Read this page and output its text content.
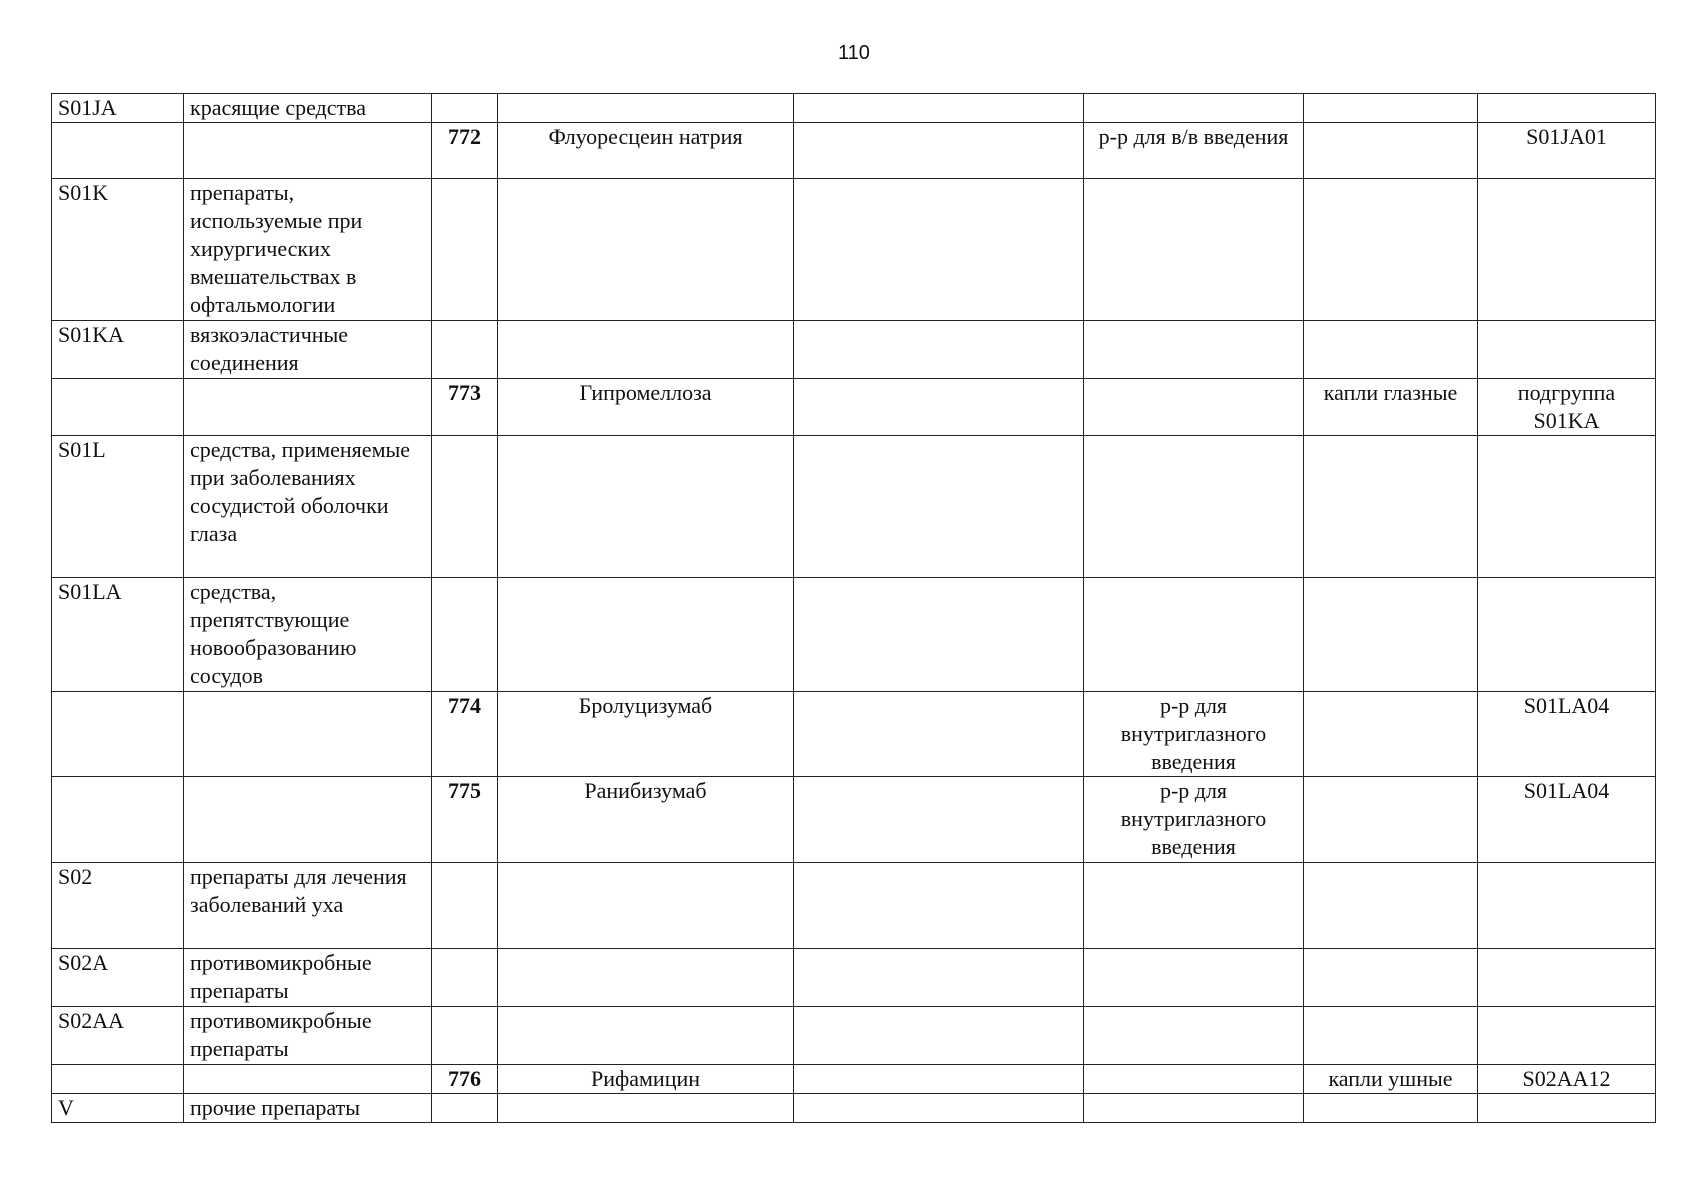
110
S01JA	красящие средства						
		772	Флуоресцеин натрия		р-р для в/в введения		S01JA01
S01K	препараты, используемые при хирургических вмешательствах в офтальмологии						
S01KA	вязкоэластичные соединения						
		773	Гипромеллоза			капли глазные	подгруппа S01KA
S01L	средства, применяемые при заболеваниях сосудистой оболочки глаза						
S01LA	средства, препятствующие новообразованию сосудов						
		774	Бролуцизумаб		р-р для внутриглазного введения		S01LA04
		775	Ранибизумаб		р-р для внутриглазного введения		S01LA04
S02	препараты для лечения заболеваний уха						
S02A	противомикробные препараты						
S02AA	противомикробные препараты						
		776	Рифамицин			капли ушные	S02AA12
V	прочие препараты						
